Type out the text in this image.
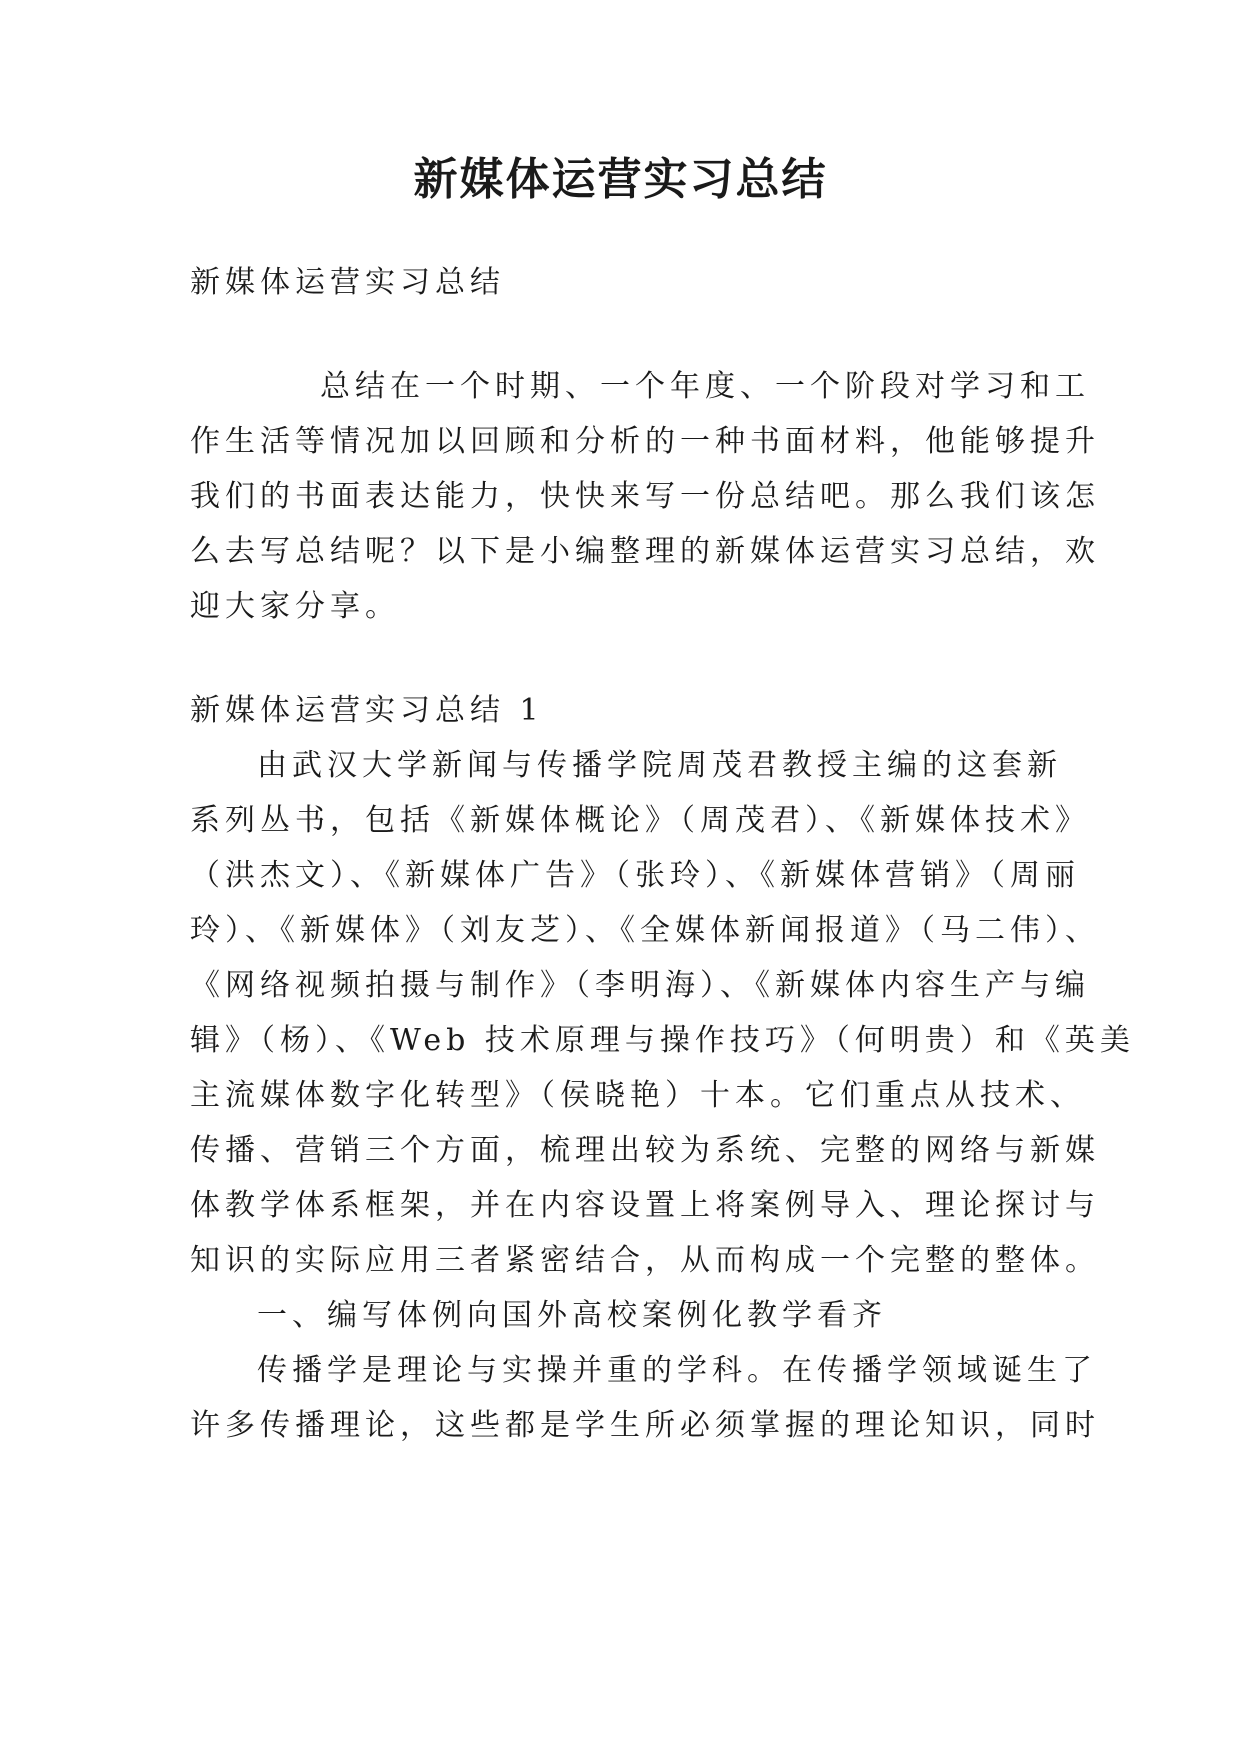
新媒体运营实习总结

新媒体运营实习总结

总结在一个时期、一个年度、一个阶段对学习和工

作生活等情况加以回顾和分析的一种书面材料，他能够提升

我们的书面表达能力，快快来写一份总结吧。那么我们该怎

么去写总结呢？以下是小编整理的新媒体运营实习总结，欢

迎大家分享。

新媒体运营实习总结 1

由武汉大学新闻与传播学院周茂君教授主编的这套新

系列丛书，包括《新媒体概论》（周茂君）、《新媒体技术》

（洪杰文）、《新媒体广告》（张玲）、《新媒体营销》（周丽

玲）、《新媒体》（刘友芝）、《全媒体新闻报道》（马二伟）、

《网络视频拍摄与制作》（李明海）、《新媒体内容生产与编

辑》（杨）、《Web 技术原理与操作技巧》（何明贵）和《英美

主流媒体数字化转型》（侯晓艳）十本。它们重点从技术、

传播、营销三个方面，梳理出较为系统、完整的网络与新媒

体教学体系框架，并在内容设置上将案例导入、理论探讨与

知识的实际应用三者紧密结合，从而构成一个完整的整体。

一、编写体例向国外高校案例化教学看齐

传播学是理论与实操并重的学科。在传播学领域诞生了

许多传播理论，这些都是学生所必须掌握的理论知识，同时
